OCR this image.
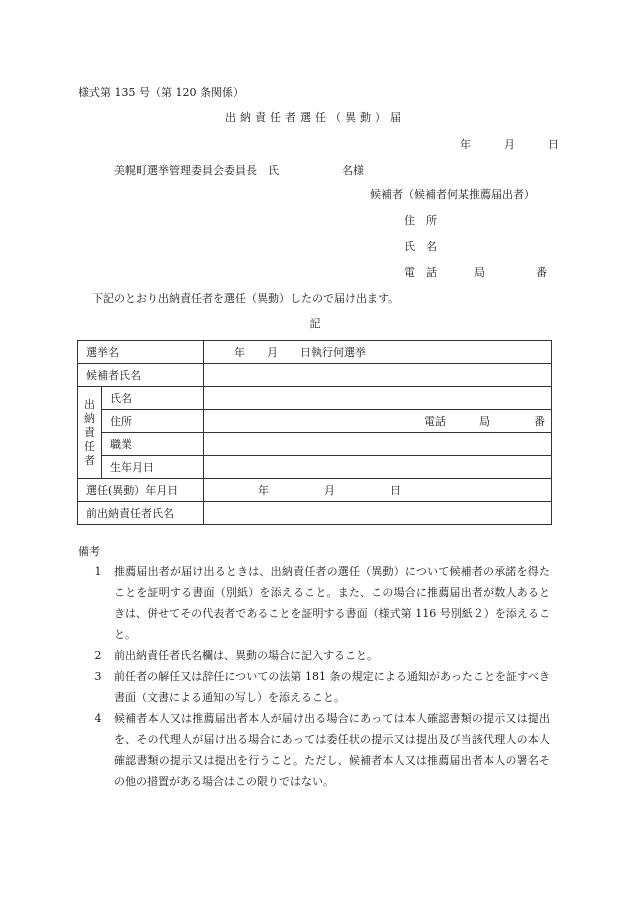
様式第 135 号（第 120 条関係）
出納責任者選任（異動）届
年	月	日
美幌町選挙管理委員会委員長　氏	名様
候補者（候補者何某推薦届出者）
住　所
氏　名
電　話	局	番
下記のとおり出納責任者を選任（異動）したので届け出ます。
記
選挙名		年　　月　　日執行何選挙
候補者氏名		

出
納
責
任
者	氏名	
	住所	電話　　　局　　　　番

	職業	
	生年月日	
選任(異動）年月日		年 月 日
前出納責任者氏名		
備考
1	推薦届出者が届け出るときは、出納責任者の選任（異動）について候補者の承諾を得たことを証明する書面（別紙）を添えること。また、この場合に推薦届出者が数人あるときは、併せてその代表者であることを証明する書面（様式第 116 号別紙２）を添えること。
2	前出納責任者氏名欄は、異動の場合に記入すること。
3	前任者の解任又は辞任についての法第 181 条の規定による通知があったことを証すべき書面（文書による通知の写し）を添えること。
4	候補者本人又は推薦届出者本人が届け出る場合にあっては本人確認書類の提示又は提出を、その代理人が届け出る場合にあっては委任状の提示又は提出及び当該代理人の本人確認書類の提示又は提出を行うこと。ただし、候補者本人又は推薦届出者本人の署名その他の措置がある場合はこの限りではない。
